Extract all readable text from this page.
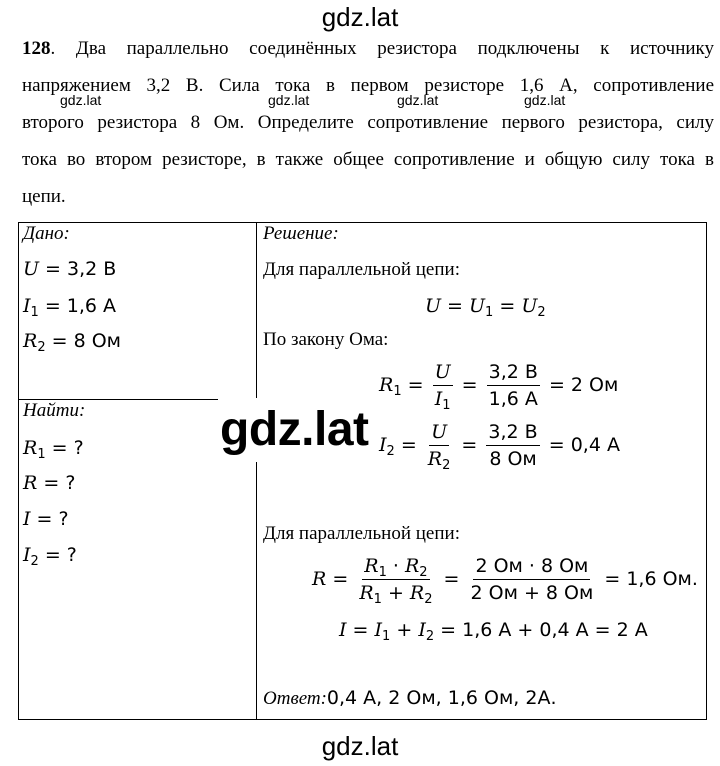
gdz.lat
128. Два параллельно соединённых резистора подключены к источнику
напряжением 3,2 В. Сила тока в первом резисторе 1,6 А, сопротивление
второго резистора 8 Ом. Определите сопротивление первого резистора, силу
тока во втором резисторе, в также общее сопротивление и общую силу тока в
цепи.
gdz.lat	gdz.lat	gdz.lat	gdz.lat
Дано:
U = 3,2 В
$I_1 = 1,6$ А
$R_2 = 8$ Ом
Найти:
$R_1$ = ?
R = ?
I = ?
$I_2$ = ?
Решение:
Для параллельной цепи:
$U = U_1 = U_2$
По закону Ома:
$R_1 = \frac{U}{I_1} = \frac{3,2 В}{1,6 А} = 2$ Ом
$I_2 = \frac{U}{R_2} = \frac{3,2 В}{8 Ом} = 0,4$ А
Для параллельной цепи:
$R = \frac{R_1 \cdot R_2}{R_1 + R_2} = \frac{2 Ом \cdot 8 Ом}{2 Ом + 8 Ом} = 1,6$ Ом.
$I = I_1 + I_2 = 1,6$ А + 0,4 А = 2 А
Ответ:0,4 А, 2 Ом, 1,6 Ом, 2А.
gdz.lat
gdz.lat
